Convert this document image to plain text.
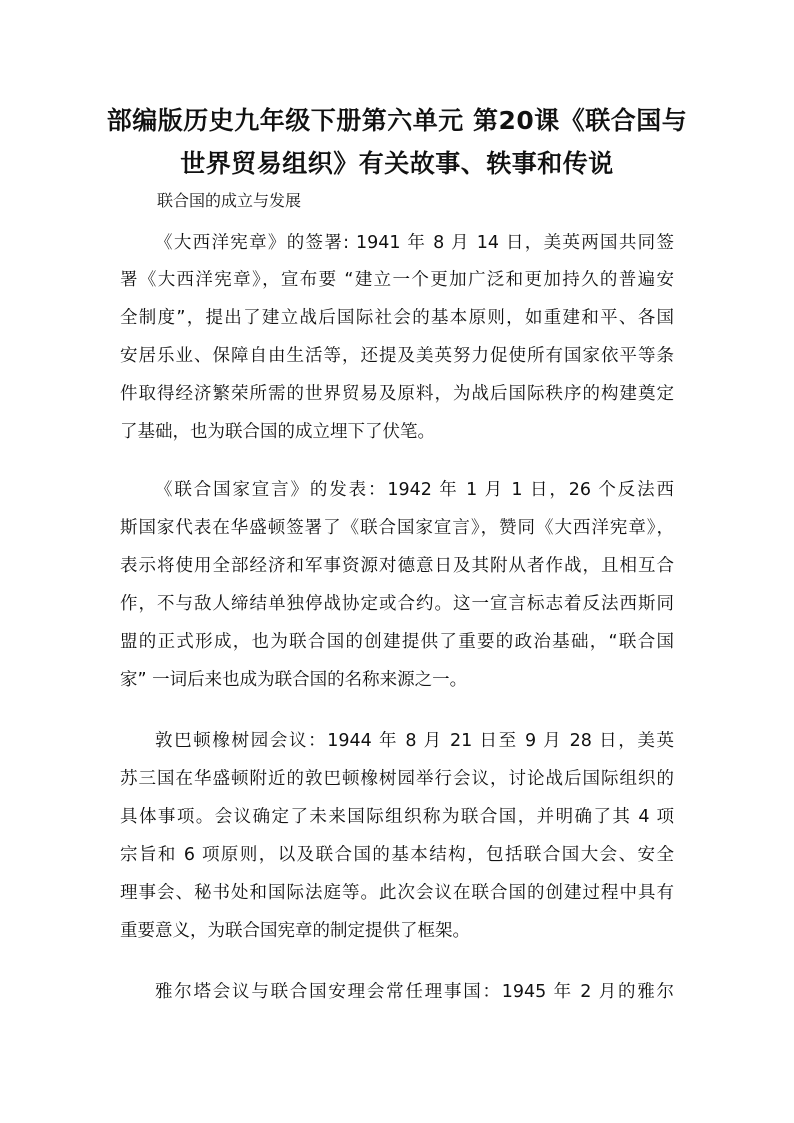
部编版历史九年级下册第六单元 第20课《联合国与
世界贸易组织》有关故事、轶事和传说

联合国的成立与发展

《大西洋宪章》的签署: 1941 年 8 月 14 日，美英两国共同签

署《大西洋宪章》，宣布要 “建立一个更加广泛和更加持久的普遍安

全制度”，提出了建立战后国际社会的基本原则，如重建和平、各国

安居乐业、保障自由生活等，还提及美英努力促使所有国家依平等条

件取得经济繁荣所需的世界贸易及原料，为战后国际秩序的构建奠定

了基础，也为联合国的成立埋下了伏笔。

《联合国家宣言》的发表：1942 年 1 月 1 日，26 个反法西

斯国家代表在华盛顿签署了《联合国家宣言》，赞同《大西洋宪章》，

表示将使用全部经济和军事资源对德意日及其附从者作战，且相互合

作，不与敌人缔结单独停战协定或合约。这一宣言标志着反法西斯同

盟的正式形成，也为联合国的创建提供了重要的政治基础，“联合国

家” 一词后来也成为联合国的名称来源之一。

敦巴顿橡树园会议：1944 年 8 月 21 日至 9 月 28 日，美英

苏三国在华盛顿附近的敦巴顿橡树园举行会议，讨论战后国际组织的

具体事项。会议确定了未来国际组织称为联合国，并明确了其 4 项

宗旨和 6 项原则，以及联合国的基本结构，包括联合国大会、安全

理事会、秘书处和国际法庭等。此次会议在联合国的创建过程中具有

重要意义，为联合国宪章的制定提供了框架。

雅尔塔会议与联合国安理会常任理事国：1945 年 2 月的雅尔
